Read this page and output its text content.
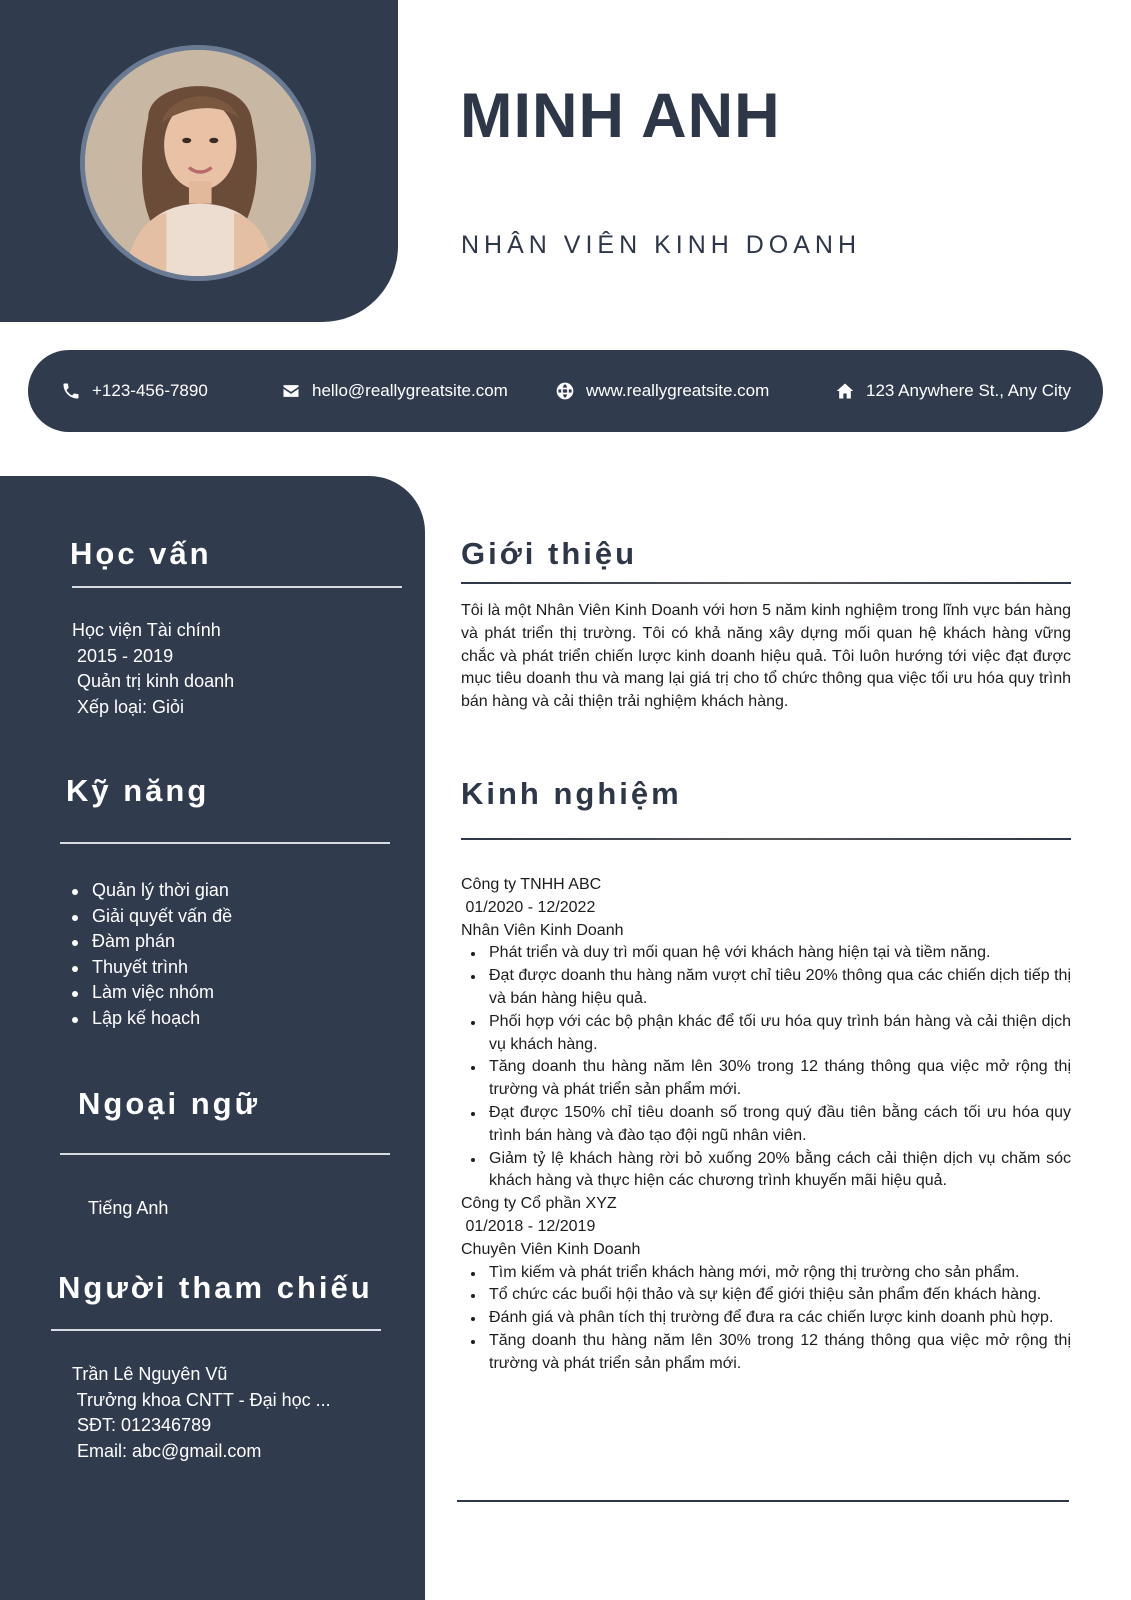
MINH ANH
NHÂN VIÊN KINH DOANH
+123-456-7890	hello@reallygreatsite.com	www.reallygreatsite.com	123 Anywhere St., Any City
Học vấn
Học viện Tài chính
2015 - 2019
Quản trị kinh doanh
Xếp loại: Giỏi
Kỹ năng
Quản lý thời gian
Giải quyết vấn đề
Đàm phán
Thuyết trình
Làm việc nhóm
Lập kế hoạch
Ngoại ngữ
Tiếng Anh
Người tham chiếu
Trần Lê Nguyên Vũ
Trưởng khoa CNTT - Đại học ...
SĐT: 012346789
Email: abc@gmail.com
Giới thiệu
Tôi là một Nhân Viên Kinh Doanh với hơn 5 năm kinh nghiệm trong lĩnh vực bán hàng và phát triển thị trường. Tôi có khả năng xây dựng mối quan hệ khách hàng vững chắc và phát triển chiến lược kinh doanh hiệu quả. Tôi luôn hướng tới việc đạt được mục tiêu doanh thu và mang lại giá trị cho tổ chức thông qua việc tối ưu hóa quy trình bán hàng và cải thiện trải nghiệm khách hàng.
Kinh nghiệm
Công ty TNHH ABC
01/2020 - 12/2022
Nhân Viên Kinh Doanh
Phát triển và duy trì mối quan hệ với khách hàng hiện tại và tiềm năng.
Đạt được doanh thu hàng năm vượt chỉ tiêu 20% thông qua các chiến dịch tiếp thị và bán hàng hiệu quả.
Phối hợp với các bộ phận khác để tối ưu hóa quy trình bán hàng và cải thiện dịch vụ khách hàng.
Tăng doanh thu hàng năm lên 30% trong 12 tháng thông qua việc mở rộng thị trường và phát triển sản phẩm mới.
Đạt được 150% chỉ tiêu doanh số trong quý đầu tiên bằng cách tối ưu hóa quy trình bán hàng và đào tạo đội ngũ nhân viên.
Giảm tỷ lệ khách hàng rời bỏ xuống 20% bằng cách cải thiện dịch vụ chăm sóc khách hàng và thực hiện các chương trình khuyến mãi hiệu quả.
Công ty Cổ phần XYZ
01/2018 - 12/2019
Chuyên Viên Kinh Doanh
Tìm kiếm và phát triển khách hàng mới, mở rộng thị trường cho sản phẩm.
Tổ chức các buổi hội thảo và sự kiện để giới thiệu sản phẩm đến khách hàng.
Đánh giá và phân tích thị trường để đưa ra các chiến lược kinh doanh phù hợp.
Tăng doanh thu hàng năm lên 30% trong 12 tháng thông qua việc mở rộng thị trường và phát triển sản phẩm mới.
